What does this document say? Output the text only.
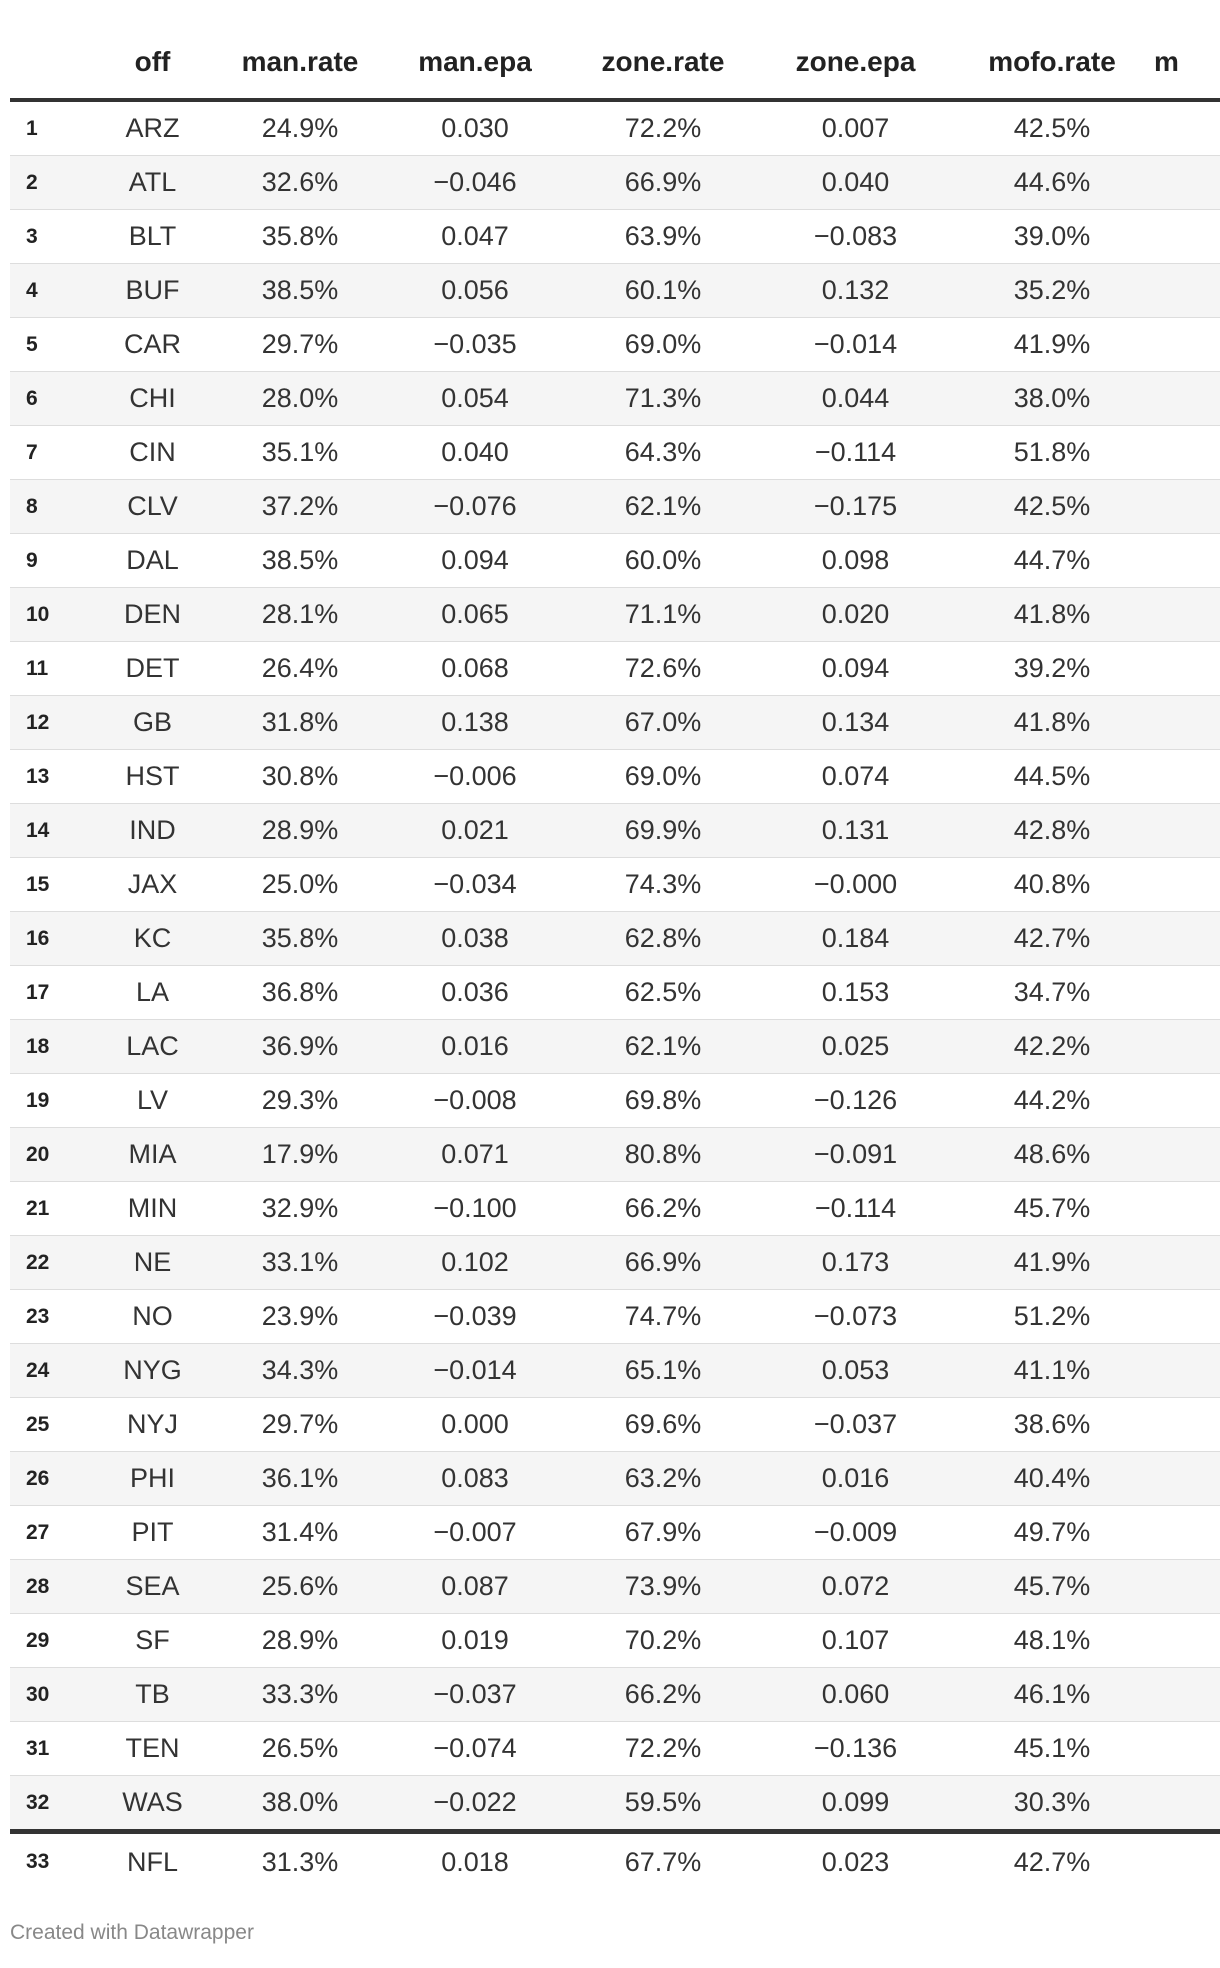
	off	man.rate	man.epa	zone.rate	zone.epa	mofo.rate	m
1	ARZ	24.9%	0.030	72.2%	0.007	42.5%	
2	ATL	32.6%	−0.046	66.9%	0.040	44.6%	
3	BLT	35.8%	0.047	63.9%	−0.083	39.0%	
4	BUF	38.5%	0.056	60.1%	0.132	35.2%	
5	CAR	29.7%	−0.035	69.0%	−0.014	41.9%	
6	CHI	28.0%	0.054	71.3%	0.044	38.0%	
7	CIN	35.1%	0.040	64.3%	−0.114	51.8%	
8	CLV	37.2%	−0.076	62.1%	−0.175	42.5%	
9	DAL	38.5%	0.094	60.0%	0.098	44.7%	
10	DEN	28.1%	0.065	71.1%	0.020	41.8%	
11	DET	26.4%	0.068	72.6%	0.094	39.2%	
12	GB	31.8%	0.138	67.0%	0.134	41.8%	
13	HST	30.8%	−0.006	69.0%	0.074	44.5%	
14	IND	28.9%	0.021	69.9%	0.131	42.8%	
15	JAX	25.0%	−0.034	74.3%	−0.000	40.8%	
16	KC	35.8%	0.038	62.8%	0.184	42.7%	
17	LA	36.8%	0.036	62.5%	0.153	34.7%	
18	LAC	36.9%	0.016	62.1%	0.025	42.2%	
19	LV	29.3%	−0.008	69.8%	−0.126	44.2%	
20	MIA	17.9%	0.071	80.8%	−0.091	48.6%	
21	MIN	32.9%	−0.100	66.2%	−0.114	45.7%	
22	NE	33.1%	0.102	66.9%	0.173	41.9%	
23	NO	23.9%	−0.039	74.7%	−0.073	51.2%	
24	NYG	34.3%	−0.014	65.1%	0.053	41.1%	
25	NYJ	29.7%	0.000	69.6%	−0.037	38.6%	
26	PHI	36.1%	0.083	63.2%	0.016	40.4%	
27	PIT	31.4%	−0.007	67.9%	−0.009	49.7%	
28	SEA	25.6%	0.087	73.9%	0.072	45.7%	
29	SF	28.9%	0.019	70.2%	0.107	48.1%	
30	TB	33.3%	−0.037	66.2%	0.060	46.1%	
31	TEN	26.5%	−0.074	72.2%	−0.136	45.1%	
32	WAS	38.0%	−0.022	59.5%	0.099	30.3%	
33	NFL	31.3%	0.018	67.7%	0.023	42.7%	
Created with Datawrapper
